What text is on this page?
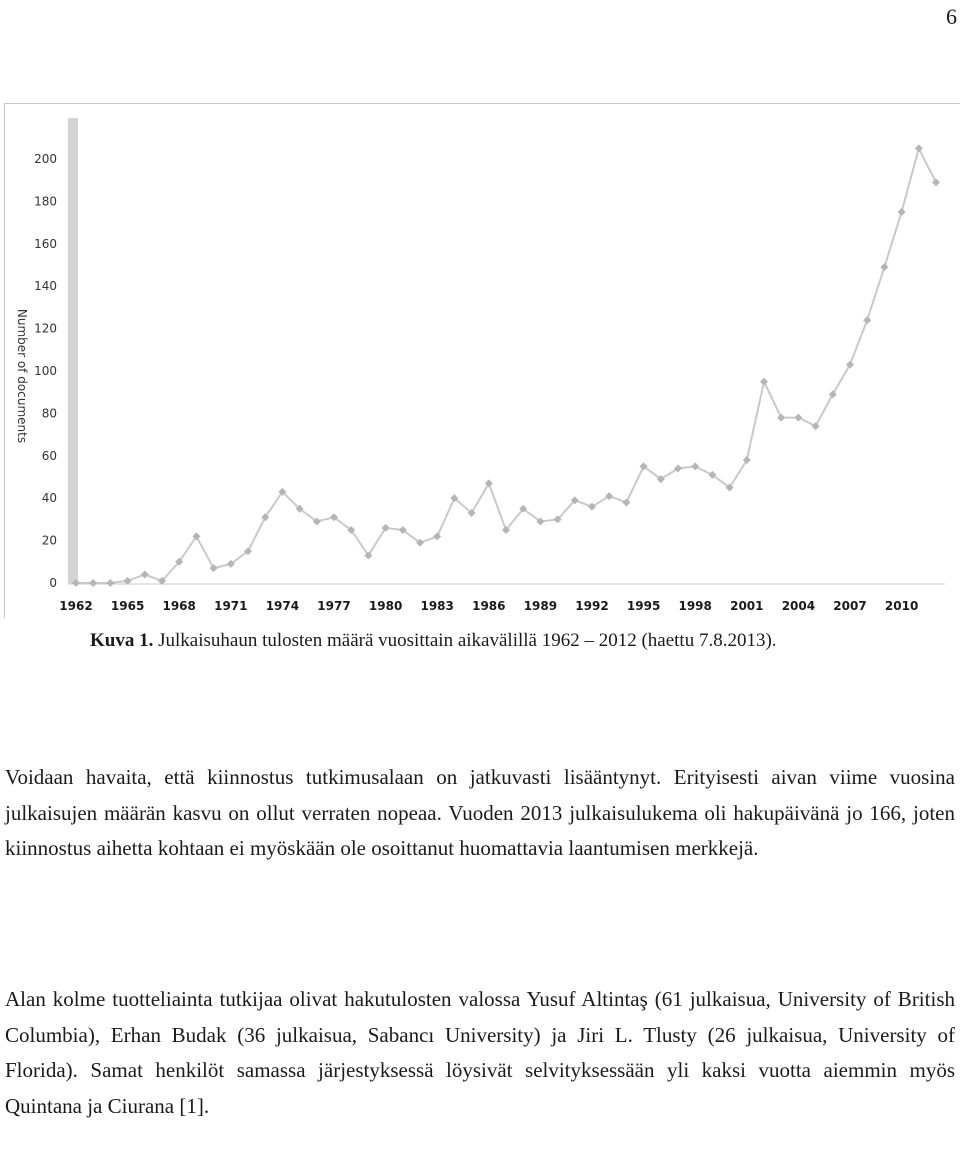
6
Number of documents
0
20
40
60
80
100
120
140
160
180
200
1962 1965 1968 1971 1974 1977 1980 1983 1986 1989 1992 1995 1998 2001 2004 2007 2010
Kuva 1. Julkaisuhaun tulosten määrä vuosittain aikavälillä 1962 – 2012 (haettu 7.8.2013).

Voidaan havaita, että kiinnostus tutkimusalaan on jatkuvasti lisääntynyt. Erityisesti aivan viime vuosina julkaisujen määrän kasvu on ollut verraten nopeaa. Vuoden 2013 julkaisulukema oli hakupäivänä jo 166, joten kiinnostus aihetta kohtaan ei myöskään ole osoittanut huomattavia laantumisen merkkejä.

Alan kolme tuotteliainta tutkijaa olivat hakutulosten valossa Yusuf Altintaş (61 julkaisua, University of British Columbia), Erhan Budak (36 julkaisua, Sabancı University) ja Jiri L. Tlusty (26 julkaisua, University of Florida). Samat henkilöt samassa järjestyksessä löysivät selvityksessään yli kaksi vuotta aiemmin myös Quintana ja Ciurana [1].
